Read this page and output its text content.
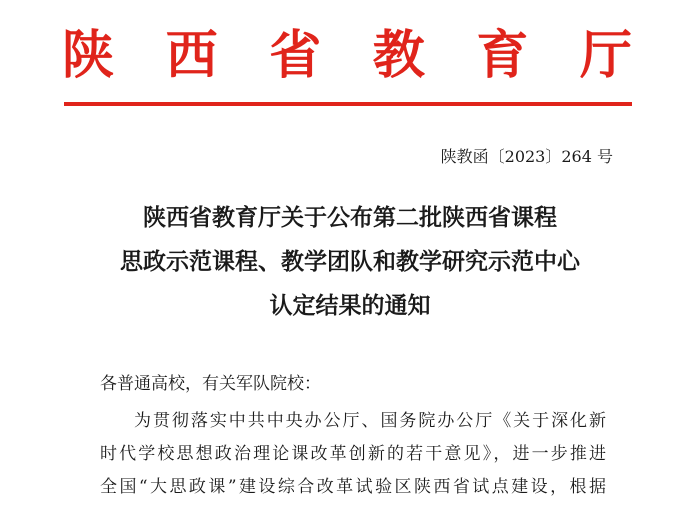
陕 西 省 教 育 厅
陕教函〔2023〕264 号
陕西省教育厅关于公布第二批陕西省课程
思政示范课程、教学团队和教学研究示范中心
认定结果的通知
各普通高校，有关军队院校：
为贯彻落实中共中央办公厅、国务院办公厅《关于深化新
时代学校思想政治理论课改革创新的若干意见》，进一步推进
全国“大思政课”建设综合改革试验区陕西省试点建设，根据
